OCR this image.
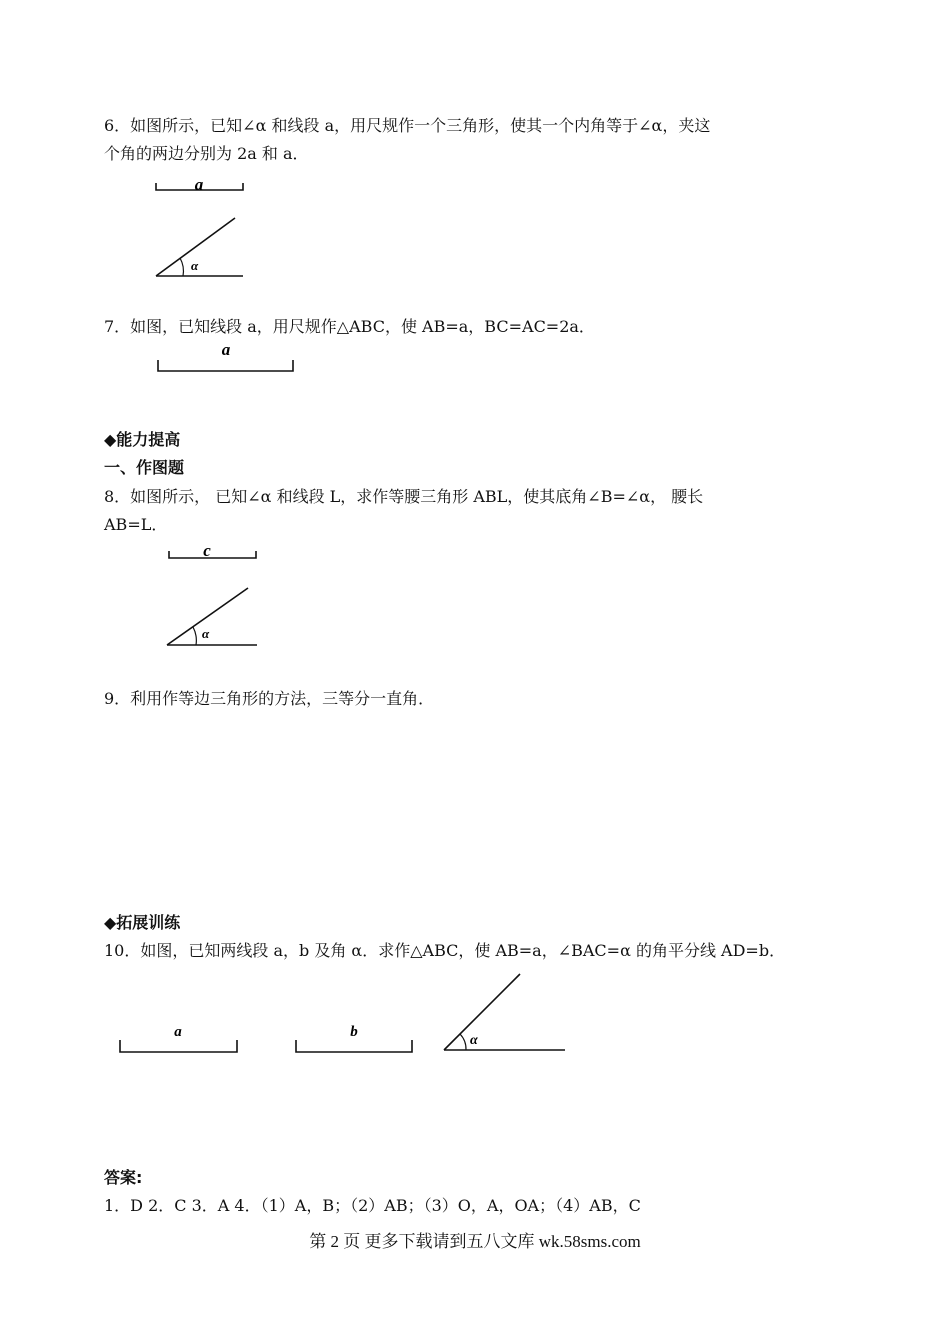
6．如图所示，已知∠α 和线段 a，用尺规作一个三角形，使其一个内角等于∠α，夹这
个角的两边分别为 2a 和 a．
a
α
a
c
α
a	b
α
7．如图，已知线段 a，用尺规作△ABC，使 AB=a，BC=AC=2a．
◆能力提高
一、作图题
8．如图所示， 已知∠α 和线段 L，求作等腰三角形 ABL，使其底角∠B=∠α， 腰长
AB=L．
9．利用作等边三角形的方法，三等分一直角．
◆拓展训练
10．如图，已知两线段 a，b 及角 α．求作△ABC，使 AB=a，∠BAC=α 的角平分线 AD=b．
答案:
1．D 2．C 3．A 4．（1）A，B；（2）AB；（3）O，A，OA；（4）AB，C
第 2 页 更多下载请到五八文库 wk.58sms.com
